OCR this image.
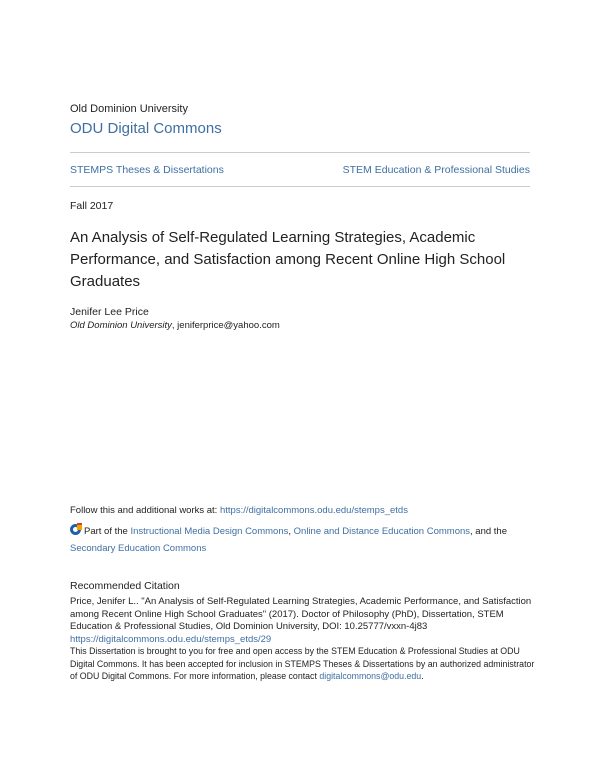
Old Dominion University
ODU Digital Commons
STEMPS Theses & Dissertations	STEM Education & Professional Studies
Fall 2017
An Analysis of Self-Regulated Learning Strategies, Academic Performance, and Satisfaction among Recent Online High School Graduates
Jenifer Lee Price
Old Dominion University, jeniferprice@yahoo.com
Follow this and additional works at: https://digitalcommons.odu.edu/stemps_etds
Part of the Instructional Media Design Commons, Online and Distance Education Commons, and the Secondary Education Commons
Recommended Citation
Price, Jenifer L.. "An Analysis of Self-Regulated Learning Strategies, Academic Performance, and Satisfaction among Recent Online High School Graduates" (2017). Doctor of Philosophy (PhD), Dissertation, STEM Education & Professional Studies, Old Dominion University, DOI: 10.25777/vxxn-4j83
https://digitalcommons.odu.edu/stemps_etds/29
This Dissertation is brought to you for free and open access by the STEM Education & Professional Studies at ODU Digital Commons. It has been accepted for inclusion in STEMPS Theses & Dissertations by an authorized administrator of ODU Digital Commons. For more information, please contact digitalcommons@odu.edu.
